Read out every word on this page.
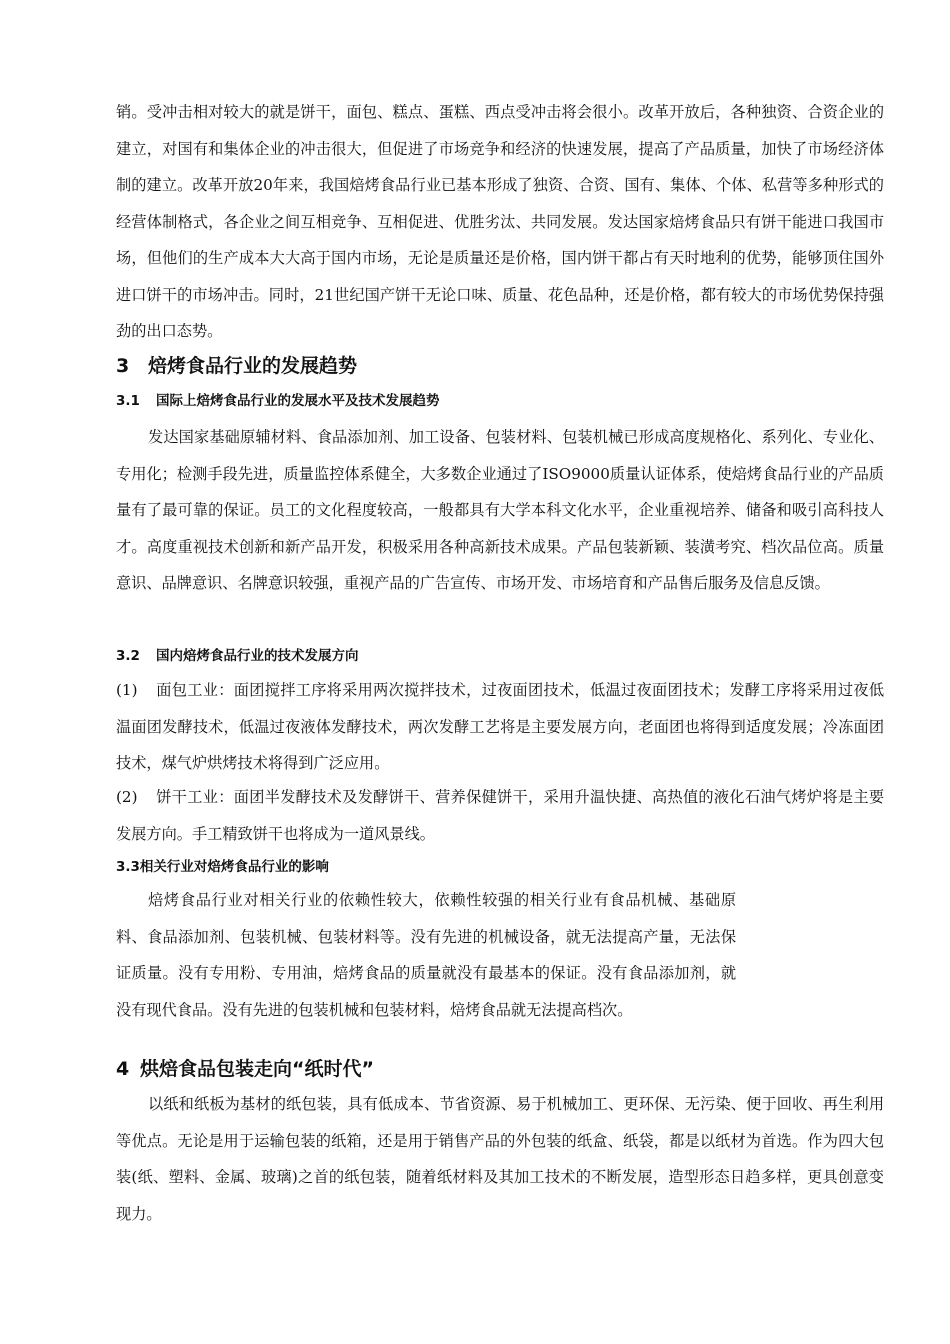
销。受冲击相对较大的就是饼干，面包、糕点、蛋糕、西点受冲击将会很小。改革开放后，各种独资、合资企业的建立，对国有和集体企业的冲击很大，但促进了市场竞争和经济的快速发展，提高了产品质量，加快了市场经济体制的建立。改革开放20年来，我国焙烤食品行业已基本形成了独资、合资、国有、集体、个体、私营等多种形式的经营体制格式，各企业之间互相竞争、互相促进、优胜劣汰、共同发展。发达国家焙烤食品只有饼干能进口我国市场，但他们的生产成本大大高于国内市场，无论是质量还是价格，国内饼干都占有天时地利的优势，能够顶住国外进口饼干的市场冲击。同时，21世纪国产饼干无论口味、质量、花色品种，还是价格，都有较大的市场优势保持强劲的出口态势。

3 焙烤食品行业的发展趋势
3.1 国际上焙烤食品行业的发展水平及技术发展趋势

发达国家基础原辅材料、食品添加剂、加工设备、包装材料、包装机械已形成高度规格化、系列化、专业化、专用化；检测手段先进，质量监控体系健全，大多数企业通过了ISO9000质量认证体系，使焙烤食品行业的产品质量有了最可靠的保证。员工的文化程度较高，一般都具有大学本科文化水平，企业重视培养、储备和吸引高科技人才。高度重视技术创新和新产品开发，积极采用各种高新技术成果。产品包装新颖、装潢考究、档次品位高。质量意识、品牌意识、名牌意识较强，重视产品的广告宣传、市场开发、市场培育和产品售后服务及信息反馈。

3.2 国内焙烤食品行业的技术发展方向

(1) 面包工业：面团搅拌工序将采用两次搅拌技术，过夜面团技术，低温过夜面团技术；发酵工序将采用过夜低温面团发酵技术，低温过夜液体发酵技术，两次发酵工艺将是主要发展方向，老面团也将得到适度发展；冷冻面团技术，煤气炉烘烤技术将得到广泛应用。

(2) 饼干工业：面团半发酵技术及发酵饼干、营养保健饼干，采用升温快捷、高热值的液化石油气烤炉将是主要发展方向。手工精致饼干也将成为一道风景线。

3.3相关行业对焙烤食品行业的影响

焙烤食品行业对相关行业的依赖性较大，依赖性较强的相关行业有食品机械、基础原料、食品添加剂、包装机械、包装材料等。没有先进的机械设备，就无法提高产量，无法保证质量。没有专用粉、专用油，焙烤食品的质量就没有最基本的保证。没有食品添加剂，就没有现代食品。没有先进的包装机械和包装材料，焙烤食品就无法提高档次。

4 烘焙食品包装走向“纸时代”

以纸和纸板为基材的纸包装，具有低成本、节省资源、易于机械加工、更环保、无污染、便于回收、再生利用等优点。无论是用于运输包装的纸箱，还是用于销售产品的外包装的纸盒、纸袋，都是以纸材为首选。作为四大包装(纸、塑料、金属、玻璃)之首的纸包装，随着纸材料及其加工技术的不断发展，造型形态日趋多样，更具创意变现力。
